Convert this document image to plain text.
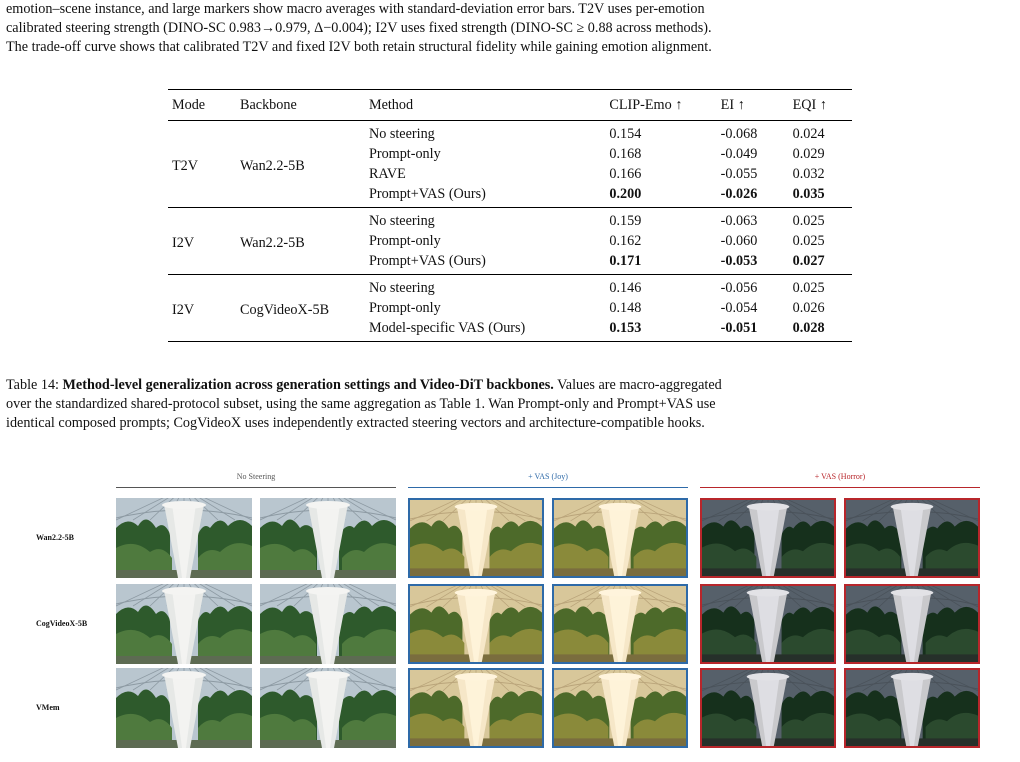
emotion–scene instance, and large markers show macro averages with standard-deviation error bars. T2V uses per-emotion

calibrated steering strength (DINO-SC 0.983→0.979, Δ−0.004); I2V uses fixed strength (DINO-SC ≥ 0.88 across methods).

The trade-off curve shows that calibrated T2V and fixed I2V both retain structural fidelity while gaining emotion alignment.

Mode	Backbone	Method	CLIP-Emo ↑	EI ↑	EQI ↑
T2V	Wan2.2-5B	No steering	0.154	-0.068	0.024
		Prompt-only	0.168	-0.049	0.029
		RAVE	0.166	-0.055	0.032
		Prompt+VAS (Ours)	0.200	-0.026	0.035
I2V	Wan2.2-5B	No steering	0.159	-0.063	0.025
		Prompt-only	0.162	-0.060	0.025
		Prompt+VAS (Ours)	0.171	-0.053	0.027
I2V	CogVideoX-5B	No steering	0.146	-0.056	0.025
		Prompt-only	0.148	-0.054	0.026
		Model-specific VAS (Ours)	0.153	-0.051	0.028

Table 14: Method-level generalization across generation settings and Video-DiT backbones. Values are macro-aggregated

over the standardized shared-protocol subset, using the same aggregation as Table 1. Wan Prompt-only and Prompt+VAS use

identical composed prompts; CogVideoX uses independently extracted steering vectors and architecture-compatible hooks.

No Steering	+ VAS (Joy)	+ VAS (Horror)
Wan2.2-5B
CogVideoX-5B
VMem
